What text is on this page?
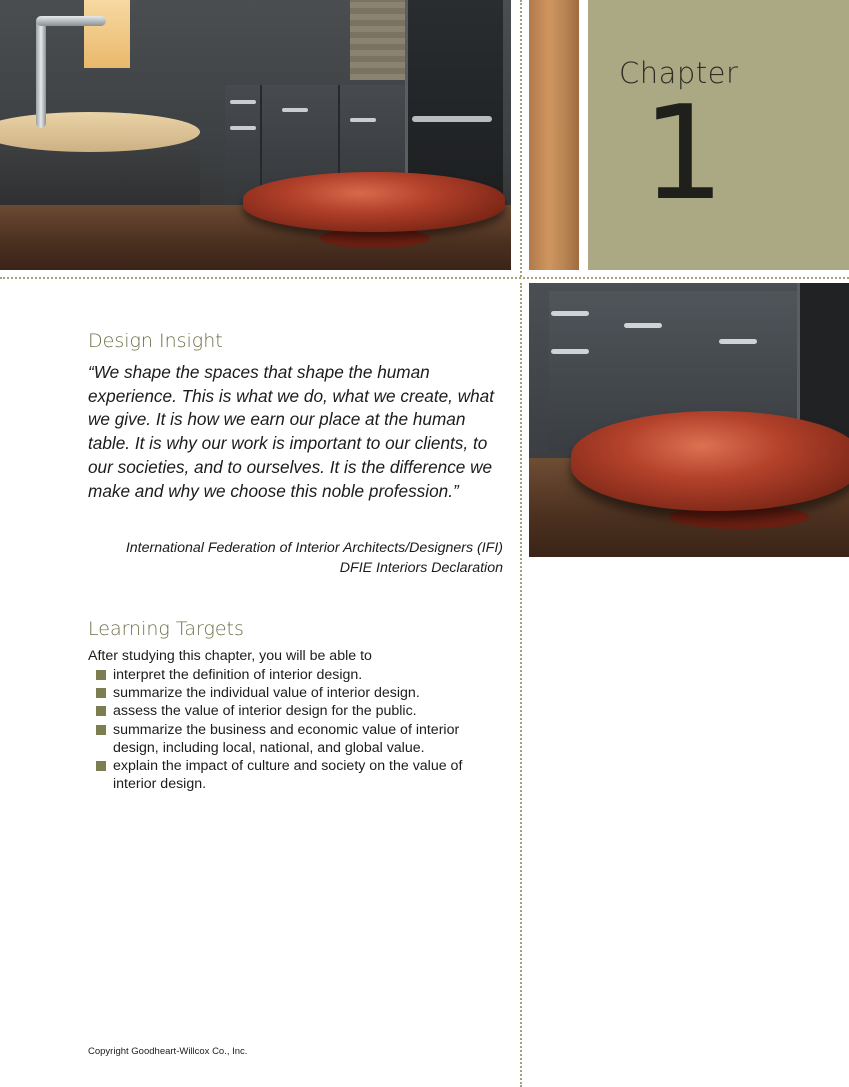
Chapter
1
Design Insight
“We shape the spaces that shape the human experience. This is what we do, what we create, what we give. It is how we earn our place at the human table. It is why our work is important to our clients, to our societies, and to ourselves. It is the difference we make and why we choose this noble profession.”
International Federation of Interior Architects/Designers (IFI)
DFIE Interiors Declaration
Learning Targets
After studying this chapter, you will be able to
interpret the definition of interior design.
summarize the individual value of interior design.
assess the value of interior design for the public.
summarize the business and economic value of interior design, including local, national, and global value.
explain the impact of culture and society on the value of interior design.
Copyright Goodheart-Willcox Co., Inc.
